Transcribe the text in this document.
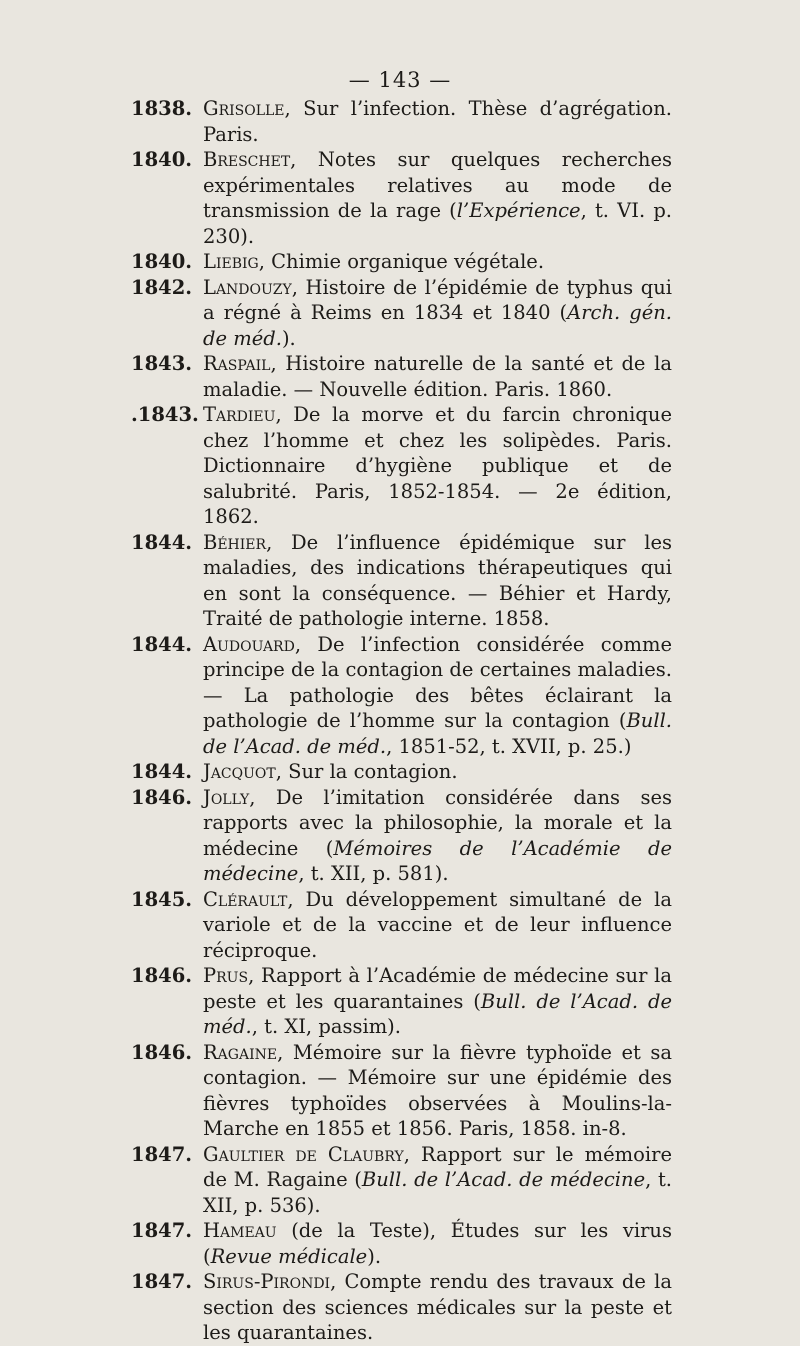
— 143 —
1838. Grisolle, Sur l’infection. Thèse d’agrégation. Paris.
1840. Breschet, Notes sur quelques recherches expérimentales relatives au mode de transmission de la rage (l’Expérience, t. VI. p. 230).
1840. Liebig, Chimie organique végétale.
1842. Landouzy, Histoire de l’épidémie de typhus qui a régné à Reims en 1834 et 1840 (Arch. gén. de méd.).
1843. Raspail, Histoire naturelle de la santé et de la maladie. — Nouvelle édition. Paris. 1860.
.1843. Tardieu, De la morve et du farcin chronique chez l’homme et chez les solipèdes. Paris. Dictionnaire d’hygiène publique et de salubrité. Paris, 1852-1854. — 2e édition, 1862.
1844. Béhier, De l’influence épidémique sur les maladies, des indications thérapeutiques qui en sont la conséquence. — Béhier et Hardy, Traité de pathologie interne. 1858.
1844. Audouard, De l’infection considérée comme principe de la contagion de certaines maladies. — La pathologie des bêtes éclairant la pathologie de l’homme sur la contagion (Bull. de l’Acad. de méd., 1851-52, t. XVII, p. 25.)
1844. Jacquot, Sur la contagion.
1846. Jolly, De l’imitation considérée dans ses rapports avec la philosophie, la morale et la médecine (Mémoires de l’Académie de médecine, t. XII, p. 581).
1845. Clérault, Du développement simultané de la variole et de la vaccine et de leur influence réciproque.
1846. Prus, Rapport à l’Académie de médecine sur la peste et les quarantaines (Bull. de l’Acad. de méd., t. XI, passim).
1846. Ragaine, Mémoire sur la fièvre typhoïde et sa contagion. — Mémoire sur une épidémie des fièvres typhoïdes observées à Moulins-la-Marche en 1855 et 1856. Paris, 1858. in-8.
1847. Gaultier de Claubry, Rapport sur le mémoire de M. Ragaine (Bull. de l’Acad. de médecine, t. XII, p. 536).
1847. Hameau (de la Teste), Études sur les virus (Revue médicale).
1847. Sirus-Pirondi, Compte rendu des travaux de la section des sciences médicales sur la peste et les quarantaines.
